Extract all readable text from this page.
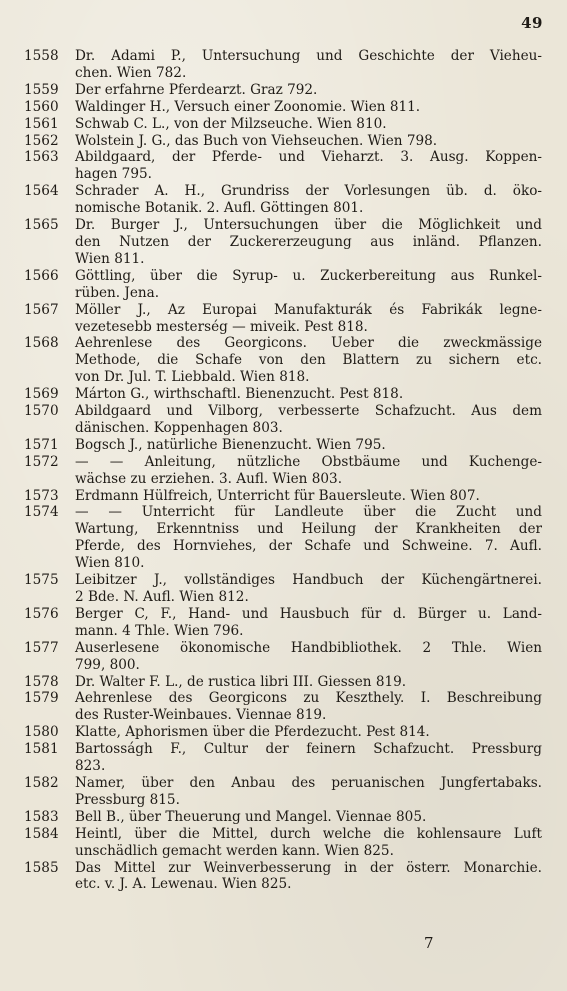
49
1558	Dr. Adami P., Untersuchung und Geschichte der Vieheu-
chen. Wien 782.
1559	Der erfahrne Pferdearzt. Graz 792.
1560	Waldinger H., Versuch einer Zoonomie. Wien 811.
1561	Schwab C. L., von der Milzseuche. Wien 810.
1562	Wolstein J. G., das Buch von Viehseuchen. Wien 798.
1563	Abildgaard, der Pferde- und Vieharzt. 3. Ausg. Koppen-
hagen 795.
1564	Schrader A. H., Grundriss der Vorlesungen üb. d. öko-
nomische Botanik. 2. Aufl. Göttingen 801.
1565	Dr. Burger J., Untersuchungen über die Möglichkeit und
den Nutzen der Zuckererzeugung aus inländ. Pflanzen.
Wien 811.
1566	Göttling, über die Syrup- u. Zuckerbereitung aus Runkel-
rüben. Jena.
1567	Möller J., Az Europai Manufakturák és Fabrikák legne-
vezetesebb mesterség — miveik. Pest 818.
1568	Aehrenlese des Georgicons. Ueber die zweckmässige
Methode, die Schafe von den Blattern zu sichern etc.
von Dr. Jul. T. Liebbald. Wien 818.
1569	Márton G., wirthschaftl. Bienenzucht. Pest 818.
1570	Abildgaard und Vilborg, verbesserte Schafzucht. Aus dem
dänischen. Koppenhagen 803.
1571	Bogsch J., natürliche Bienenzucht. Wien 795.
1572	— — Anleitung, nützliche Obstbäume und Kuchenge-
wächse zu erziehen. 3. Aufl. Wien 803.
1573	Erdmann Hülfreich, Unterricht für Bauersleute. Wien 807.
1574	— — Unterricht für Landleute über die Zucht und
Wartung, Erkenntniss und Heilung der Krankheiten der
Pferde, des Hornviehes, der Schafe und Schweine. 7. Aufl.
Wien 810.
1575	Leibitzer J., vollständiges Handbuch der Küchengärtnerei.
2 Bde. N. Aufl. Wien 812.
1576	Berger C, F., Hand- und Hausbuch für d. Bürger u. Land-
mann. 4 Thle. Wien 796.
1577	Auserlesene ökonomische Handbibliothek. 2 Thle. Wien
799, 800.
1578	Dr. Walter F. L., de rustica libri III. Giessen 819.
1579	Aehrenlese des Georgicons zu Keszthely. I. Beschreibung
des Ruster-Weinbaues. Viennae 819.
1580	Klatte, Aphorismen über die Pferdezucht. Pest 814.
1581	Bartosságh F., Cultur der feinern Schafzucht. Pressburg
823.
1582	Namer, über den Anbau des peruanischen Jungfertabaks.
Pressburg 815.
1583	Bell B., über Theuerung und Mangel. Viennae 805.
1584	Heintl, über die Mittel, durch welche die kohlensaure Luft
unschädlich gemacht werden kann. Wien 825.
1585	Das Mittel zur Weinverbesserung in der österr. Monarchie.
etc. v. J. A. Lewenau. Wien 825.
7
